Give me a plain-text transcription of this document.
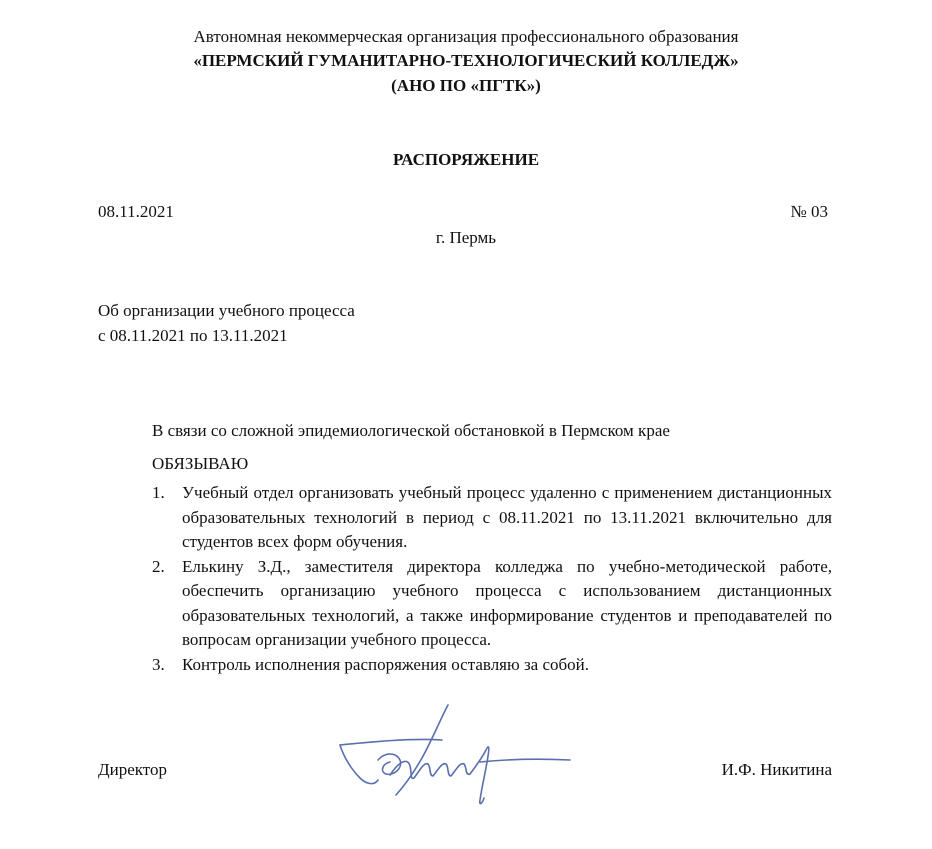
Автономная некоммерческая организация профессионального образования
«ПЕРМСКИЙ ГУМАНИТАРНО-ТЕХНОЛОГИЧЕСКИЙ КОЛЛЕДЖ»
(АНО ПО «ПГТК»)
РАСПОРЯЖЕНИЕ
08.11.2021	№ 03
г. Пермь
Об организации учебного процесса
с 08.11.2021 по 13.11.2021
В связи со сложной эпидемиологической обстановкой в Пермском крае
ОБЯЗЫВАЮ
1. Учебный отдел организовать учебный процесс удаленно с применением дистанционных образовательных технологий в период с 08.11.2021 по 13.11.2021 включительно для студентов всех форм обучения.
2. Елькину З.Д., заместителя директора колледжа по учебно-методической работе, обеспечить организацию учебного процесса с использованием дистанционных образовательных технологий, а также информирование студентов и преподавателей по вопросам организации учебного процесса.
3. Контроль исполнения распоряжения оставляю за собой.
Директор	И.Ф. Никитина
